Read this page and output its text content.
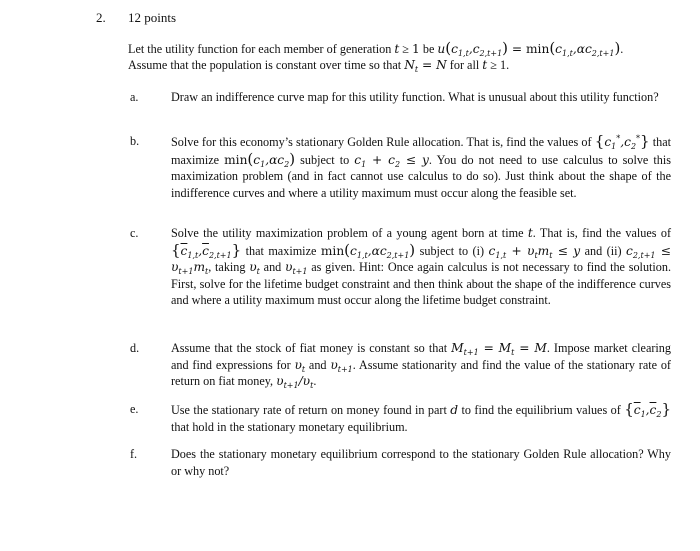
2. 12 points
Let the utility function for each member of generation t ≥ 1 be $u(c_{1,t},c_{2,t+1}) = \min(c_{1,t},\alpha c_{2,t+1})$.
Assume that the population is constant over time so that $N_t = N$ for all t ≥ 1.
a.	Draw an indifference curve map for this utility function. What is unusual about this utility function?

b.	Solve for this economy’s stationary Golden Rule allocation. That is, find the values of $\{c_1^*,c_2^*\}$ that maximize $\min(c_1,\alpha c_2)$ subject to $c_1 + c_2 \le y$. You do not need to use calculus to solve this maximization problem (and in fact cannot use calculus to do so). Just think about the shape of the indifference curves and where a utility maximum must occur along the feasible set.

c.	Solve the utility maximization problem of a young agent born at time t. That is, find the values of $\{\overline{c}_{1,t},\overline{c}_{2,t+1}\}$ that maximize $\min(c_{1,t},\alpha c_{2,t+1})$ subject to (i) $c_{1,t} + \upsilon_tm_t \le y$ and (ii) $c_{2,t+1} \le \upsilon_{t+1}m_t$, taking $\upsilon_t$ and $\upsilon_{t+1}$ as given. Hint: Once again calculus is not necessary to find the solution. First, solve for the lifetime budget constraint and then think about the shape of the indifference curves and where a utility maximum must occur along the lifetime budget constraint.

d.	Assume that the stock of fiat money is constant so that $M_{t+1} = M_t = M$. Impose market clearing and find expressions for $\upsilon_t$ and $\upsilon_{t+1}$. Assume stationarity and find the value of the stationary rate of return on fiat money, $\upsilon_{t+1}/\upsilon_t$.

e.	Use the stationary rate of return on money found in part d to find the equilibrium values of $\{\overline{c}_1,\overline{c}_2\}$ that hold in the stationary monetary equilibrium.

f.	Does the stationary monetary equilibrium correspond to the stationary Golden Rule allocation? Why or why not?
